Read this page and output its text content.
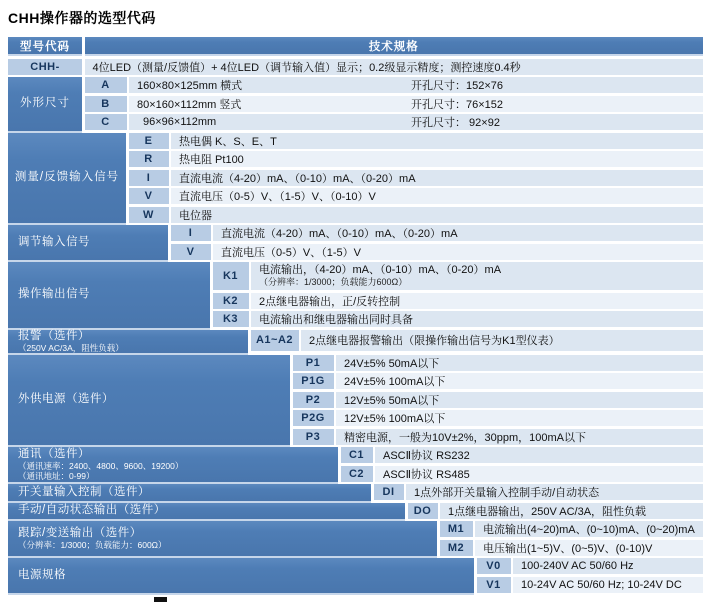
CHH操作器的选型代码
型号代码	技术规格
CHH-	4位LED（测量/反馈值）+ 4位LED（调节输入值）显示；0.2级显示精度；测控速度0.4秒
外形尺寸
A	160×80×125mm 横式	开孔尺寸：152×76
B	80×160×112mm 竖式	开孔尺寸：76×152
C	96×96×112mm	开孔尺寸： 92×92
测量/反馈输入信号
E	热电偶 K、S、E、T
R	热电阻 Pt100
I	直流电流（4-20）mA、（0-10）mA、（0-20）mA
V	直流电压（0-5）V、（1-5）V、（0-10）V
W	电位器
调节输入信号
I	直流电流（4-20）mA、（0-10）mA、（0-20）mA
V	直流电压（0-5）V、（1-5）V
操作输出信号
K1	电流输出，（4-20）mA、（0-10）mA、（0-20）mA
（分辨率：1/3000；负载能力600Ω）
K2	2点继电器输出，正/反转控制
K3	电流输出和继电器输出同时具备
报警（选件）
（250V AC/3A，阻性负载）
A1~A2	2点继电器报警输出（限操作输出信号为K1型仪表）
外供电源（选件）
P1	24V±5% 50mA以下
P1G	24V±5% 100mA以下
P2	12V±5% 50mA以下
P2G	12V±5% 100mA以下
P3	精密电源，一般为10V±2%，30ppm，100mA以下
通讯（选件）
（通讯速率：2400、4800、9600、19200）
（通讯地址：0-99）
C1	ASCⅡ协议 RS232
C2	ASCⅡ协议 RS485
开关量输入控制（选件）	DI	1点外部开关量输入控制手动/自动状态
手动/自动状态输出（选件）	DO	1点继电器输出，250V AC/3A，阻性负载
跟踪/变送输出（选件）
（分辨率：1/3000；负载能力：600Ω）
M1	电流输出(4~20)mA、(0~10)mA、(0~20)mA
M2	电压输出(1~5)V、(0~5)V、(0-10)V
电源规格
V0	100-240V AC 50/60 Hz
V1	10-24V AC 50/60 Hz; 10-24V DC
